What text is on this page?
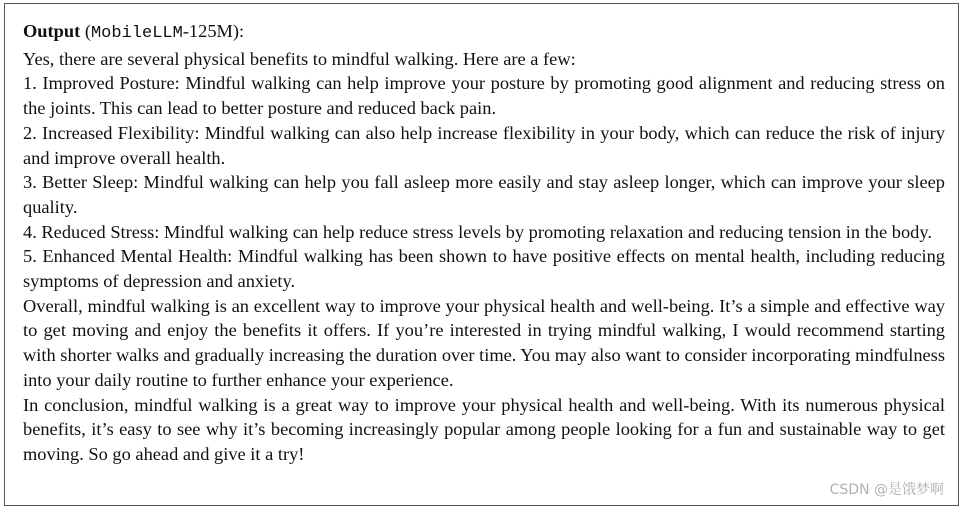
Output (MobileLLM-125M):

Yes, there are several physical benefits to mindful walking. Here are a few:

1. Improved Posture: Mindful walking can help improve your posture by promoting good alignment and reducing stress on the joints. This can lead to better posture and reduced back pain.

2. Increased Flexibility: Mindful walking can also help increase flexibility in your body, which can reduce the risk of injury and improve overall health.

3. Better Sleep: Mindful walking can help you fall asleep more easily and stay asleep longer, which can improve your sleep quality.

4. Reduced Stress: Mindful walking can help reduce stress levels by promoting relaxation and reducing tension in the body.

5. Enhanced Mental Health: Mindful walking has been shown to have positive effects on mental health, including reducing symptoms of depression and anxiety.

Overall, mindful walking is an excellent way to improve your physical health and well-being. It’s a simple and effective way to get moving and enjoy the benefits it offers. If you’re interested in trying mindful walking, I would recommend starting with shorter walks and gradually increasing the duration over time. You may also want to consider incorporating mindfulness into your daily routine to further enhance your experience.

In conclusion, mindful walking is a great way to improve your physical health and well-being. With its numerous physical benefits, it’s easy to see why it’s becoming increasingly popular among people looking for a fun and sustainable way to get moving. So go ahead and give it a try!

CSDN @是饿梦啊
